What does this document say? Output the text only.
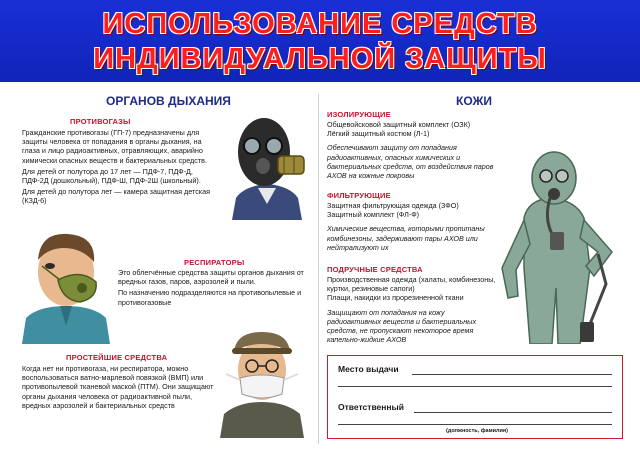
ИСПОЛЬЗОВАНИЕ СРЕДСТВ
ИНДИВИДУАЛЬНОЙ ЗАЩИТЫ
ОРГАНОВ ДЫХАНИЯ	КОЖИ
ПРОТИВОГАЗЫ

Гражданские противогазы (ГП-7) предназначены для защиты человека от попадания в органы дыхания, на глаза и лицо радиоактивных, отравляющих, аварийно химически опасных веществ и бактериальных средств.

Для детей от полутора до 17 лет — ПДФ-7, ПДФ-Д, ПДФ-2Д (дошкольный), ПДФ-Ш, ПДФ-2Ш (школьный).

Для детей до полутора лет — камера защитная детская (КЗД-6)

РЕСПИРАТОРЫ

Это облегчённые средства защиты органов дыхания от вредных газов, паров, аэрозолей и пыли.

По назначению подразделяются на противопылевые и противогазовые

ПРОСТЕЙШИЕ СРЕДСТВА

Когда нет ни противогаза, ни респиратора, можно воспользоваться ватно-марлевой повязкой (ВМП) или противопылевой тканевой маской (ПТМ). Они защищают органы дыхания человека от радиоактивной пыли, вредных аэрозолей и бактериальных средств

ИЗОЛИРУЮЩИЕ

Общевойсковой защитный комплект (ОЗК)

Лёгкий защитный костюм (Л-1)

Обеспечивают защиту от попадания радиоактивных, опасных химических и бактериальных средств, от воздействия паров АХОВ на кожные покровы

ФИЛЬТРУЮЩИЕ

Защитная фильтрующая одежда (ЗФО)

Защитный комплект (ФЛ-Ф)

Химические вещества, которыми пропитаны комбинезоны, задерживают пары АХОВ или нейтрализуют их

ПОДРУЧНЫЕ СРЕДСТВА

Производственная одежда (халаты, комбинезоны, куртки, резиновые сапоги)

Плащи, накидки из прорезиненной ткани

Защищают от попадания на кожу радиоактивных веществ и бактериальных средств, не пропускают некоторое время капельно-жидкие АХОВ

Место выдачи
Ответственный
(должность, фамилия)
